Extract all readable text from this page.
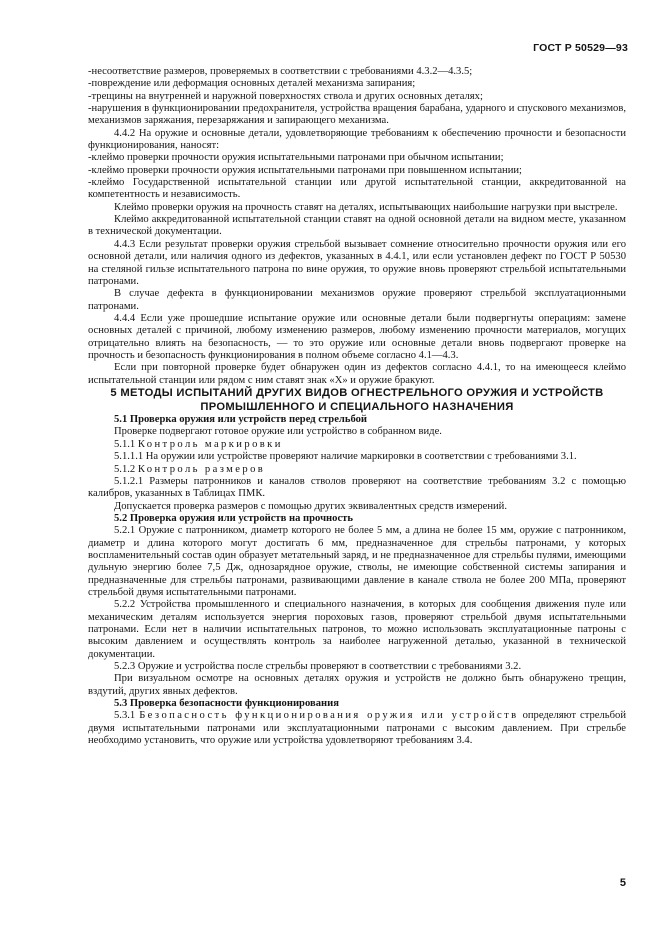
ГОСТ Р 50529—93

-несоответствие размеров, проверяемых в соответствии с требованиями 4.3.2—4.3.5;

-повреждение или деформация основных деталей механизма запирания;

-трещины на внутренней и наружной поверхностях ствола и других основных деталях;

-нарушения в функционировании предохранителя, устройства вращения барабана, ударного и спускового механизмов, механизмов заряжания, перезаряжания и запирающего механизма.

4.4.2 На оружие и основные детали, удовлетворяющие требованиям к обеспечению прочности и безопасности функционирования, наносят:

-клеймо проверки прочности оружия испытательными патронами при обычном испытании;

-клеймо проверки прочности оружия испытательными патронами при повышенном испытании;

-клеймо Государственной испытательной станции или другой испытательной станции, аккредитованной на компетентность и независимость.

Клеймо проверки оружия на прочность ставят на деталях, испытывающих наибольшие нагрузки при выстреле.

Клеймо аккредитованной испытательной станции ставят на одной основной детали на видном месте, указанном в технической документации.

4.4.3 Если результат проверки оружия стрельбой вызывает сомнение относительно прочности оружия или его основной детали, или наличия одного из дефектов, указанных в 4.4.1, или если установлен дефект по ГОСТ Р 50530 на стеляной гильзе испытательного патрона по вине оружия, то оружие вновь проверяют стрельбой испытательными патронами.

В случае дефекта в функционировании механизмов оружие проверяют стрельбой эксплуатационными патронами.

4.4.4 Если уже прошедшие испытание оружие или основные детали были подвергнуты операциям: замене основных деталей с причиной, любому изменению размеров, любому изменению прочности материалов, могущих отрицательно влиять на безопасность, — то это оружие или основные детали вновь подвергают проверке на прочность и безопасность функционирования в полном объеме согласно 4.1—4.3.

Если при повторной проверке будет обнаружен один из дефектов согласно 4.4.1, то на имеющееся клеймо испытательной станции или рядом с ним ставят знак «Х» и оружие бракуют.

5 МЕТОДЫ ИСПЫТАНИЙ ДРУГИХ ВИДОВ ОГНЕСТРЕЛЬНОГО ОРУЖИЯ И УСТРОЙСТВ ПРОМЫШЛЕННОГО И СПЕЦИАЛЬНОГО НАЗНАЧЕНИЯ

5.1 Проверка оружия или устройств перед стрельбой

Проверке подвергают готовое оружие или устройство в собранном виде.

5.1.1 Контроль маркировки

5.1.1.1 На оружии или устройстве проверяют наличие маркировки в соответствии с требованиями 3.1.

5.1.2 Контроль размеров

5.1.2.1 Размеры патронников и каналов стволов проверяют на соответствие требованиям 3.2 с помощью калибров, указанных в Таблицах ПМК.

Допускается проверка размеров с помощью других эквивалентных средств измерений.

5.2 Проверка оружия или устройств на прочность

5.2.1 Оружие с патронником, диаметр которого не более 5 мм, а длина не более 15 мм, оружие с патронником, диаметр и длина которого могут достигать 6 мм, предназначенное для стрельбы патронами, у которых воспламенительный состав один образует метательный заряд, и не предназначенное для стрельбы пулями, имеющими дульную энергию более 7,5 Дж, однозарядное оружие, стволы, не имеющие собственной системы запирания и предназначенные для стрельбы патронами, развивающими давление в канале ствола не более 200 МПа, проверяют стрельбой двумя испытательными патронами.

5.2.2 Устройства промышленного и специального назначения, в которых для сообщения движения пуле или механическим деталям используется энергия пороховых газов, проверяют стрельбой двумя испытательными патронами. Если нет в наличии испытательных патронов, то можно использовать эксплуатационные патроны с высоким давлением и осуществлять контроль за наиболее нагруженной деталью, указанной в технической документации.

5.2.3 Оружие и устройства после стрельбы проверяют в соответствии с требованиями 3.2.

При визуальном осмотре на основных деталях оружия и устройств не должно быть обнаружено трещин, вздутий, других явных дефектов.

5.3 Проверка безопасности функционирования

5.3.1 Безопасность функционирования оружия или устройств определяют стрельбой двумя испытательными патронами или эксплуатационными патронами с высоким давлением. При стрельбе необходимо установить, что оружие или устройства удовлетворяют требованиям 3.4.

5
